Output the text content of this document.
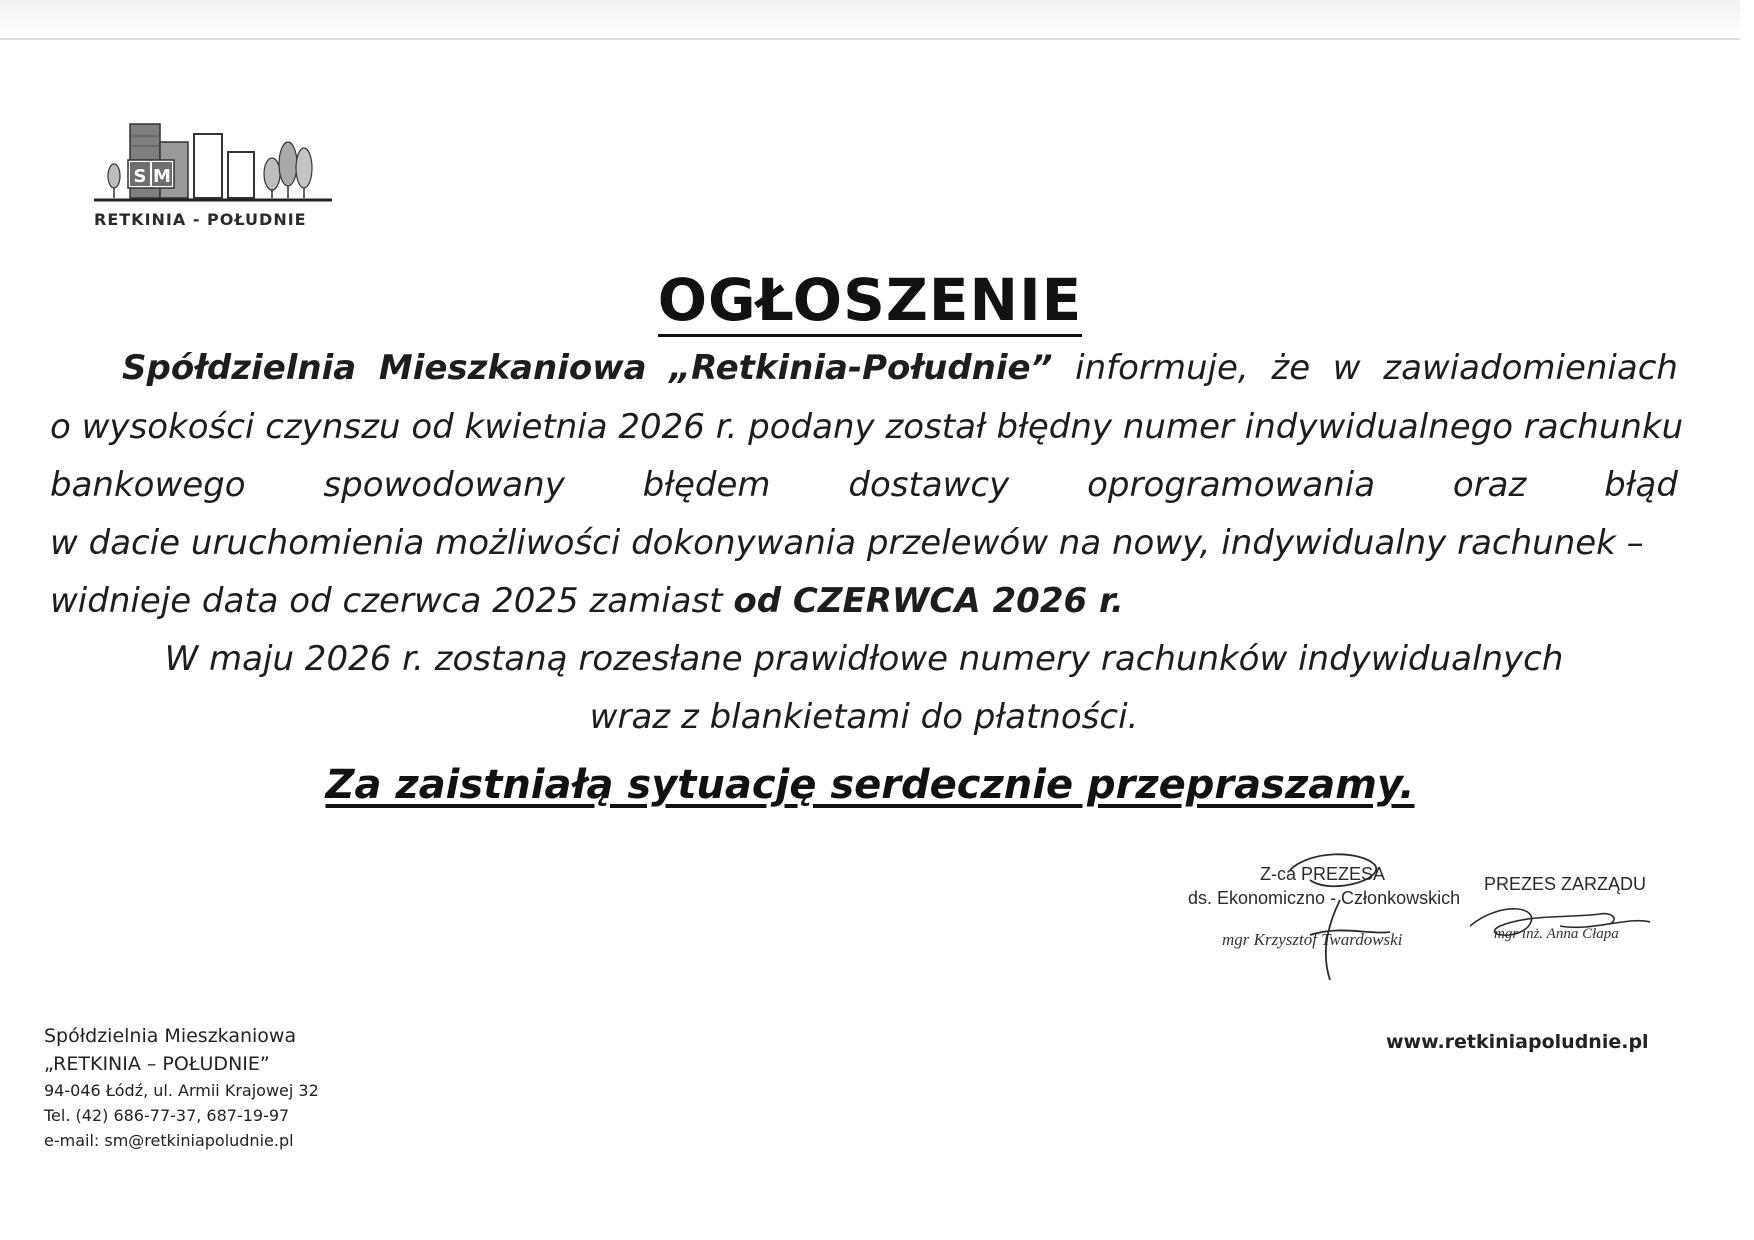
S M
RETKINIA - POŁUDNIE
OGŁOSZENIE
Spółdzielnia Mieszkaniowa „Retkinia-Południe” informuje, że w zawiadomieniach
o wysokości czynszu od kwietnia 2026 r. podany został błędny numer indywidualnego rachunku
bankowego spowodowany błędem dostawcy oprogramowania oraz błąd
w dacie uruchomienia możliwości dokonywania przelewów na nowy, indywidualny rachunek –
widnieje data od czerwca 2025 zamiast od CZERWCA 2026 r.
W maju 2026 r. zostaną rozesłane prawidłowe numery rachunków indywidualnych
wraz z blankietami do płatności.
Za zaistniałą sytuację serdecznie przepraszamy.
Z-ca PREZESA
ds. Ekonomiczno - Członkowskich
mgr Krzysztof Twardowski
PREZES ZARZĄDU
mgr inż. Anna Cłapa
Spółdzielnia Mieszkaniowa
„RETKINIA – POŁUDNIE”
94-046 Łódź, ul. Armii Krajowej 32
Tel. (42) 686-77-37, 687-19-97
e-mail: sm@retkiniapoludnie.pl
www.retkiniapoludnie.pl
